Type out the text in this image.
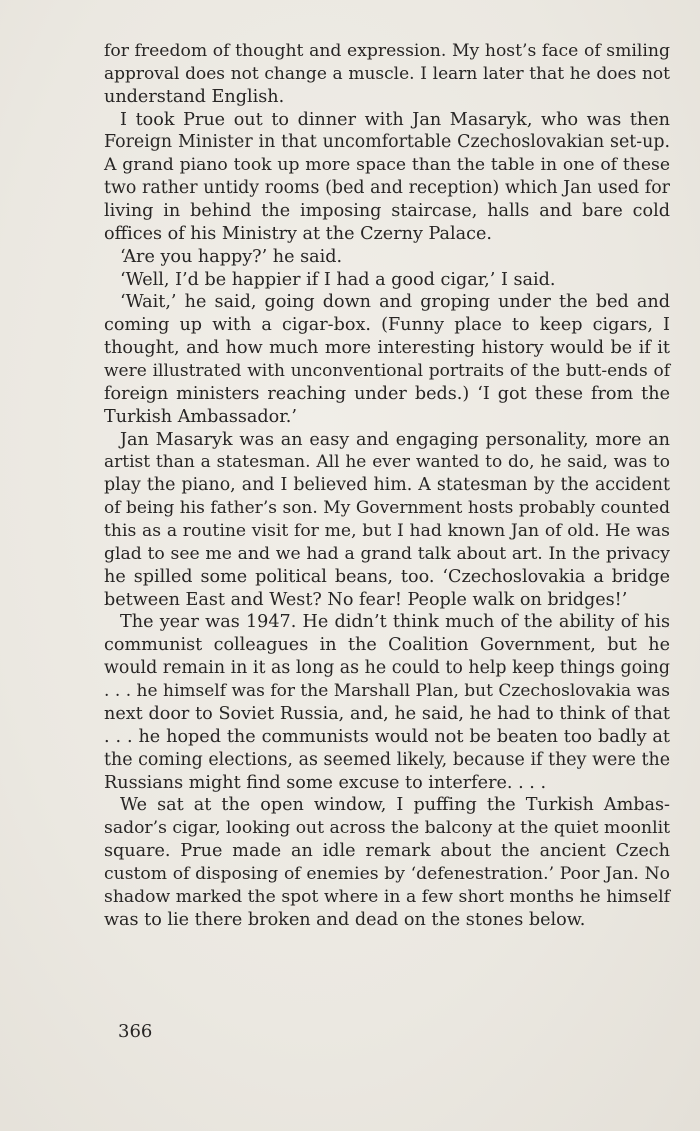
for freedom of thought and expression. My host’s face of smiling
approval does not change a muscle. I learn later that he does not
understand English.
I took Prue out to dinner with Jan Masaryk, who was then
Foreign Minister in that uncomfortable Czechoslovakian set-up.
A grand piano took up more space than the table in one of these
two rather untidy rooms (bed and reception) which Jan used for
living in behind the imposing staircase, halls and bare cold
offices of his Ministry at the Czerny Palace.
‘Are you happy?’ he said.
‘Well, I’d be happier if I had a good cigar,’ I said.
‘Wait,’ he said, going down and groping under the bed and
coming up with a cigar-box. (Funny place to keep cigars, I
thought, and how much more interesting history would be if it
were illustrated with unconventional portraits of the butt-ends of
foreign ministers reaching under beds.) ‘I got these from the
Turkish Ambassador.’
Jan Masaryk was an easy and engaging personality, more an
artist than a statesman. All he ever wanted to do, he said, was to
play the piano, and I believed him. A statesman by the accident
of being his father’s son. My Government hosts probably counted
this as a routine visit for me, but I had known Jan of old. He was
glad to see me and we had a grand talk about art. In the privacy
he spilled some political beans, too. ‘Czechoslovakia a bridge
between East and West? No fear! People walk on bridges!’
The year was 1947. He didn’t think much of the ability of his
communist colleagues in the Coalition Government, but he
would remain in it as long as he could to help keep things going
. . . he himself was for the Marshall Plan, but Czechoslovakia was
next door to Soviet Russia, and, he said, he had to think of that
. . . he hoped the communists would not be beaten too badly at
the coming elections, as seemed likely, because if they were the
Russians might find some excuse to interfere. . . .
We sat at the open window, I puffing the Turkish Ambas-
sador’s cigar, looking out across the balcony at the quiet moonlit
square. Prue made an idle remark about the ancient Czech
custom of disposing of enemies by ‘defenestration.’ Poor Jan. No
shadow marked the spot where in a few short months he himself
was to lie there broken and dead on the stones below.
366
